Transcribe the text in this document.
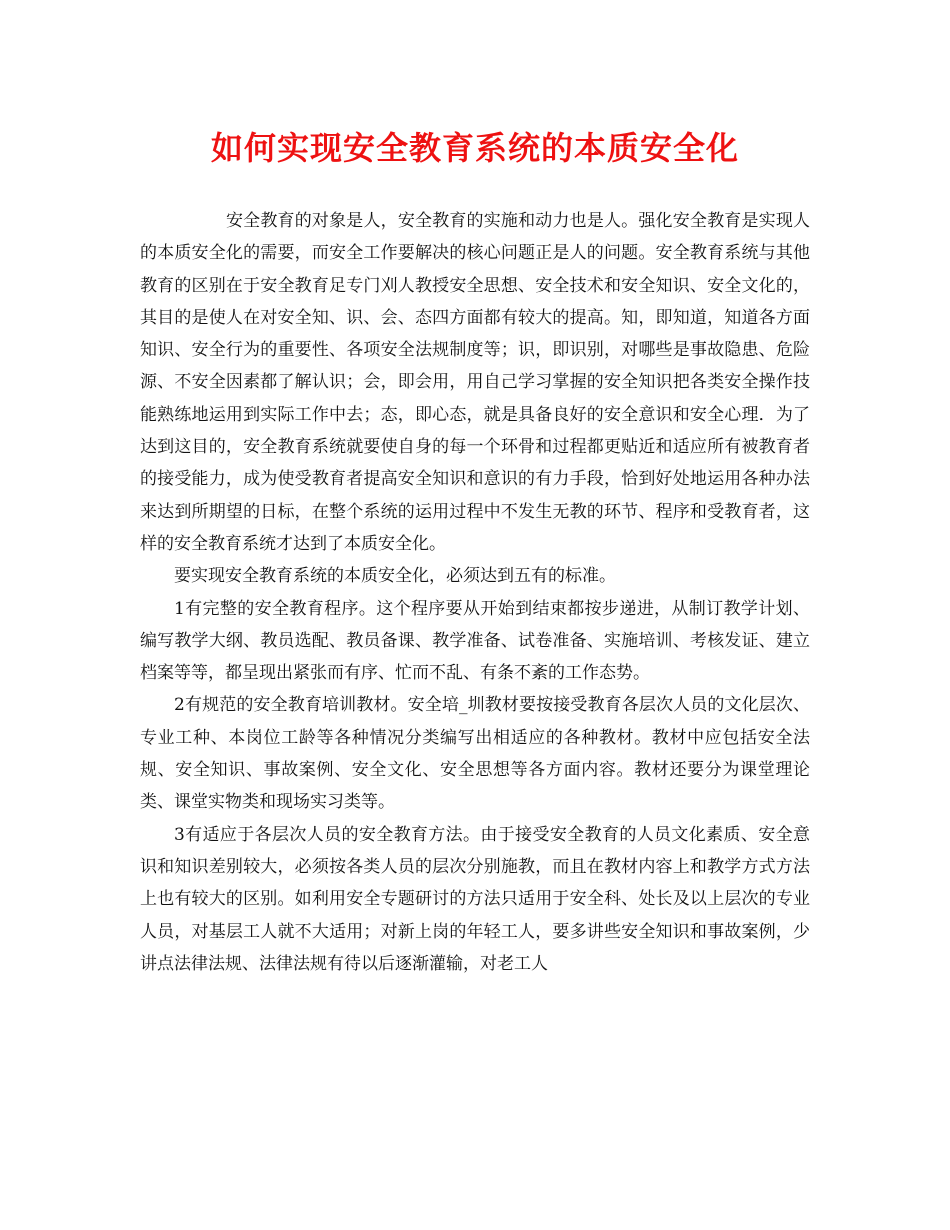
如何实现安全教育系统的本质安全化

安全教育的对象是人，安全教育的实施和动力也是人。强化安全教育是实现人的本质安全化的需要，而安全工作要解决的核心问题正是人的问题。安全教育系统与其他教育的区别在于安全教育足专门刈人教授安全思想、安全技术和安全知识、安全文化的，其目的是使人在对安全知、识、会、态四方面都有较大的提高。知，即知道，知道各方面知识、安全行为的重要性、各项安全法规制度等；识，即识别，对哪些是事故隐患、危险源、不安全因素都了解认识；会，即会用，用自己学习掌握的安全知识把各类安全操作技能熟练地运用到实际工作中去；态，即心态，就是具备良好的安全意识和安全心理．为了达到这目的，安全教育系统就要使自身的每一个环骨和过程都更贴近和适应所有被教育者的接受能力，成为使受教育者提高安全知识和意识的有力手段，恰到好处地运用各种办法来达到所期望的日标，在整个系统的运用过程中不发生无教的环节、程序和受教育者，这样的安全教育系统才达到了本质安全化。

要实现安全教育系统的本质安全化，必须达到五有的标准。

1有完整的安全教育程序。这个程序要从开始到结束都按步递进，从制订教学计划、编写教学大纲、教员选配、教员备课、教学准备、试卷准备、实施培训、考核发证、建立档案等等，都呈现出紧张而有序、忙而不乱、有条不紊的工作态势。

2有规范的安全教育培训教材。安全培_圳教材要按接受教育各层次人员的文化层次、专业工种、本岗位工龄等各种情况分类编写出相适应的各种教材。教材中应包括安全法规、安全知识、事故案例、安全文化、安全思想等各方面内容。教材还要分为课堂理论类、课堂实物类和现场实习类等。

3有适应于各层次人员的安全教育方法。由于接受安全教育的人员文化素质、安全意识和知识差别较大，必须按各类人员的层次分别施教，而且在教材内容上和教学方式方法上也有较大的区别。如利用安全专题研讨的方法只适用于安全科、处长及以上层次的专业人员，对基层工人就不大适用；对新上岗的年轻工人，要多讲些安全知识和事故案例，少讲点法律法规、法律法规有待以后逐渐灌输，对老工人
